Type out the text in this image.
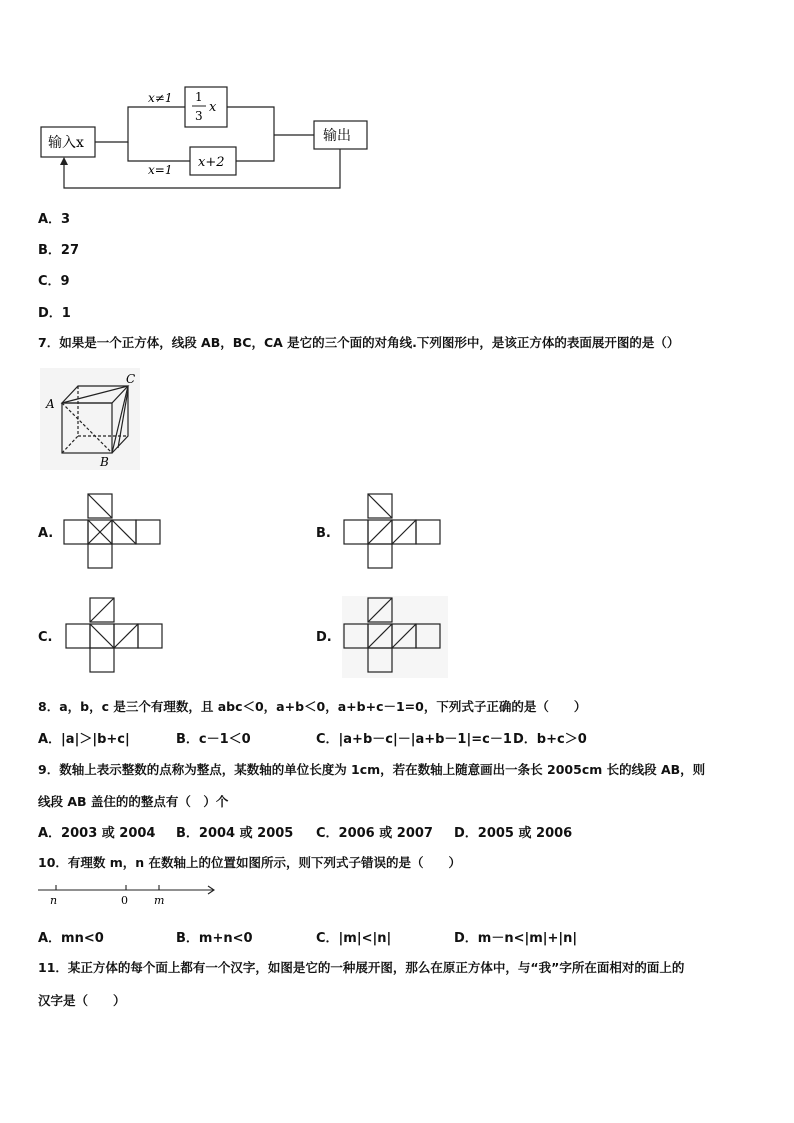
输入x
x≠1
x=1
1
3
x
x+2
输出
A．3
B．27
C．9
D．1
7．如果是一个正方体，线段 AB，BC，CA 是它的三个面的对角线.下列图形中，是该正方体的表面展开图的是（）
A
C
B
A.	B.
C.	D.
8．a，b，c 是三个有理数，且 abc＜0，a+b＜0，a+b+c－1=0，下列式子正确的是（　　）
A．|a|＞|b+c|	B．c－1＜0	C．|a+b－c|－|a+b－1|=c－1 D．b+c＞0
9．数轴上表示整数的点称为整点，某数轴的单位长度为 1cm，若在数轴上随意画出一条长 2005cm 长的线段 AB，则
线段 AB 盖住的的整点有（　）个
A．2003 或 2004 B．2004 或 2005 C．2006 或 2007 D．2005 或 2006
10．有理数 m，n 在数轴上的位置如图所示，则下列式子错误的是（　　）
n	0 m
A．mn<0	B．m+n<0	C．|m|<|n|	D．m－n<|m|+|n|
11．某正方体的每个面上都有一个汉字，如图是它的一种展开图，那么在原正方体中，与“我”字所在面相对的面上的
汉字是（　　）
